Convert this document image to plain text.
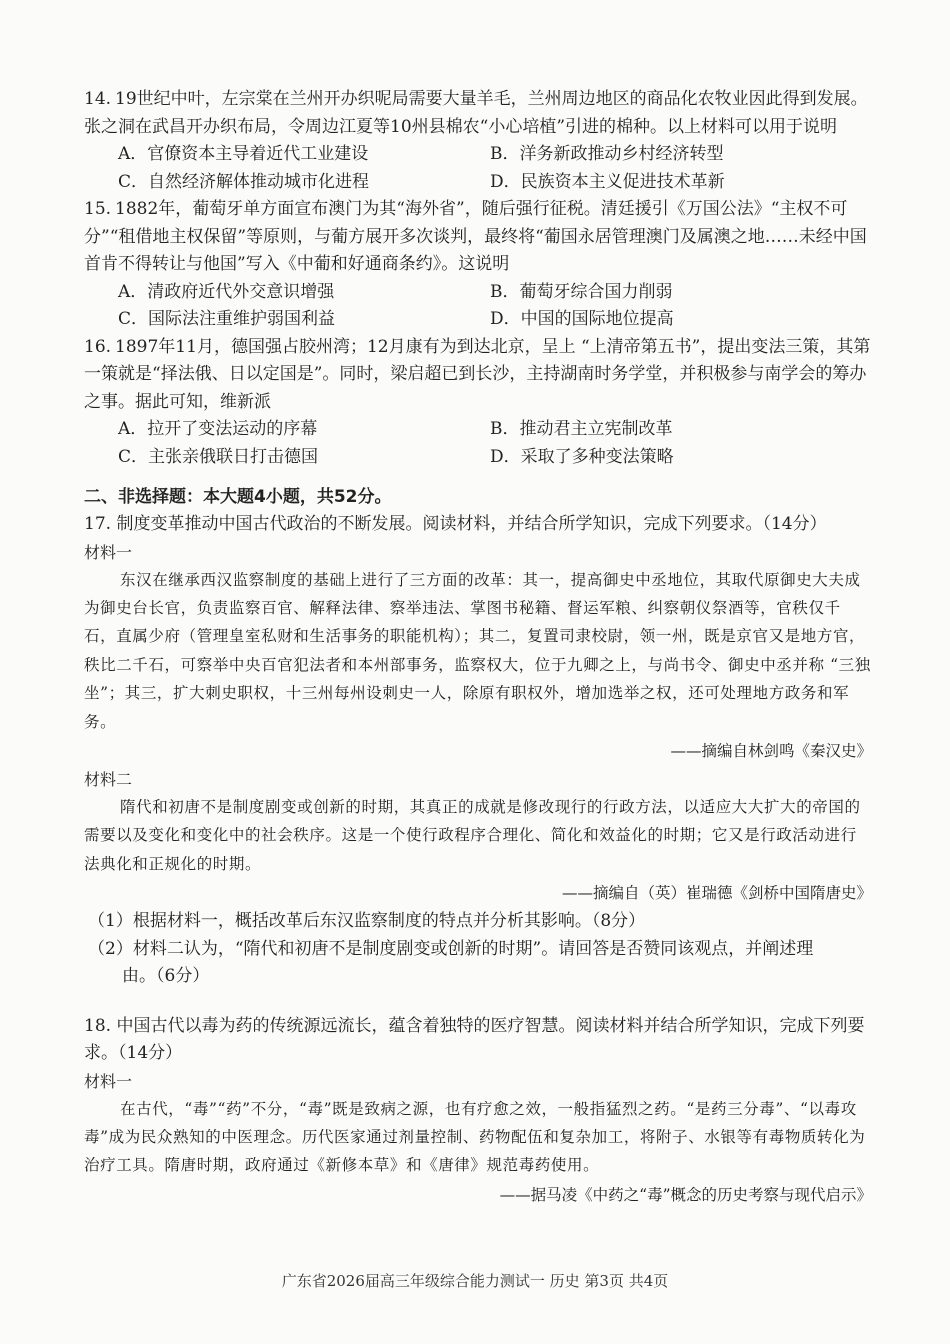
14. 19世纪中叶，左宗棠在兰州开办织呢局需要大量羊毛，兰州周边地区的商品化农牧业因此得到发展。张之洞在武昌开办织布局，令周边江夏等10州县棉农“小心培植”引进的棉种。以上材料可以用于说明
A．官僚资本主导着近代工业建设	B．洋务新政推动乡村经济转型
C．自然经济解体推动城市化进程	D．民族资本主义促进技术革新
15. 1882年，葡萄牙单方面宣布澳门为其“海外省”，随后强行征税。清廷援引《万国公法》“主权不可分”“租借地主权保留”等原则，与葡方展开多次谈判，最终将“葡国永居管理澳门及属澳之地……未经中国首肯不得转让与他国”写入《中葡和好通商条约》。这说明
A．清政府近代外交意识增强	B．葡萄牙综合国力削弱
C．国际法注重维护弱国利益	D．中国的国际地位提高
16. 1897年11月，德国强占胶州湾；12月康有为到达北京，呈上 “上清帝第五书”，提出变法三策，其第一策就是“择法俄、日以定国是”。同时，梁启超已到长沙，主持湖南时务学堂，并积极参与南学会的筹办之事。据此可知，维新派
A．拉开了变法运动的序幕	B．推动君主立宪制改革
C．主张亲俄联日打击德国	D．采取了多种变法策略
二、非选择题：本大题4小题，共52分。
17. 制度变革推动中国古代政治的不断发展。阅读材料，并结合所学知识，完成下列要求。（14分）
材料一
东汉在继承西汉监察制度的基础上进行了三方面的改革：其一，提高御史中丞地位，其取代原御史大夫成为御史台长官，负责监察百官、解释法律、察举违法、掌图书秘籍、督运军粮、纠察朝仪祭酒等，官秩仅千石，直属少府（管理皇室私财和生活事务的职能机构）；其二，复置司隶校尉，领一州，既是京官又是地方官，秩比二千石，可察举中央百官犯法者和本州部事务，监察权大，位于九卿之上，与尚书令、御史中丞并称 “三独坐”；其三，扩大刺史职权，十三州每州设刺史一人，除原有职权外，增加选举之权，还可处理地方政务和军务。
——摘编自林剑鸣《秦汉史》
材料二
隋代和初唐不是制度剧变或创新的时期，其真正的成就是修改现行的行政方法，以适应大大扩大的帝国的需要以及变化和变化中的社会秩序。这是一个使行政程序合理化、简化和效益化的时期；它又是行政活动进行法典化和正规化的时期。
——摘编自（英）崔瑞德《剑桥中国隋唐史》
（1）根据材料一，概括改革后东汉监察制度的特点并分析其影响。（8分）
（2）材料二认为，“隋代和初唐不是制度剧变或创新的时期”。请回答是否赞同该观点，并阐述理
由。（6分）
18. 中国古代以毒为药的传统源远流长，蕴含着独特的医疗智慧。阅读材料并结合所学知识，完成下列要求。（14分）
材料一
在古代，“毒”“药”不分，“毒”既是致病之源，也有疗愈之效，一般指猛烈之药。“是药三分毒”、“以毒攻毒”成为民众熟知的中医理念。历代医家通过剂量控制、药物配伍和复杂加工，将附子、水银等有毒物质转化为治疗工具。隋唐时期，政府通过《新修本草》和《唐律》规范毒药使用。
——据马凌《中药之“毒”概念的历史考察与现代启示》
广东省2026届高三年级综合能力测试一 历史 第3页 共4页
